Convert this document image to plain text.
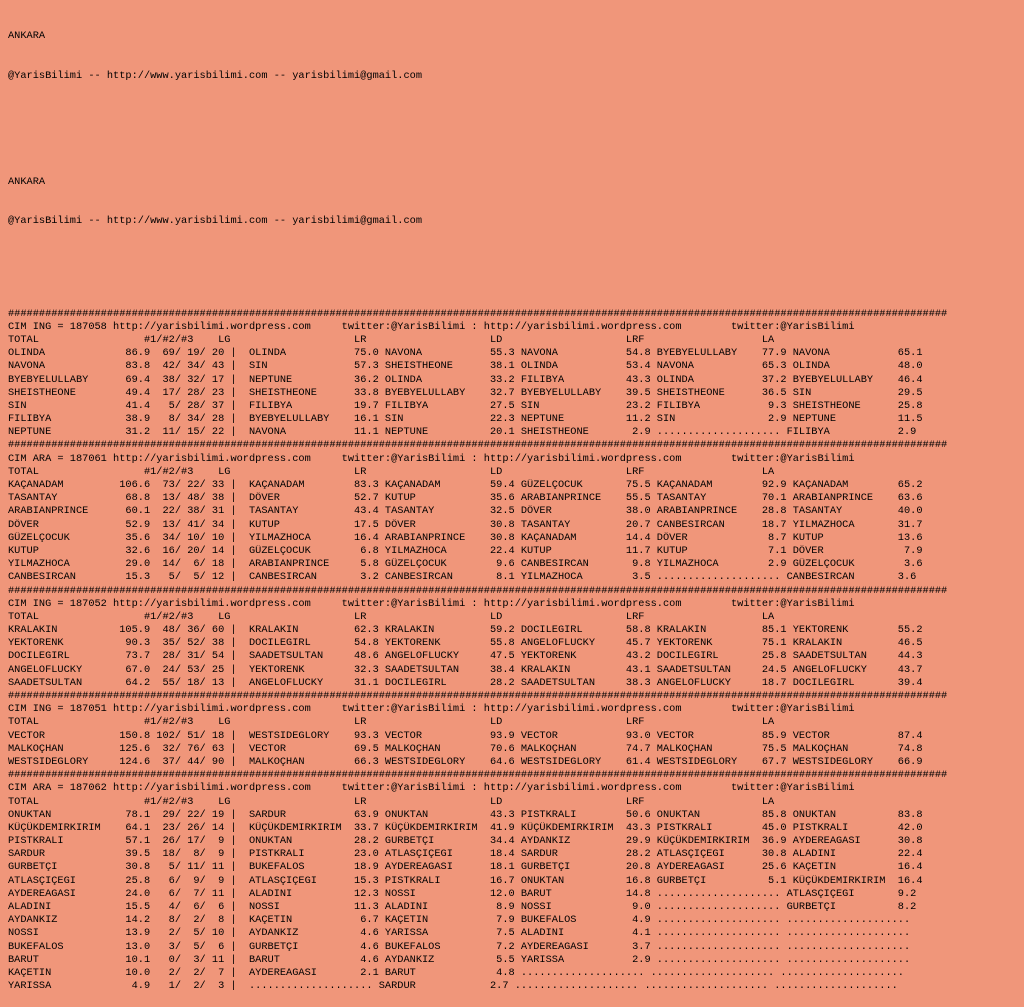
ANKARA

@YarisBilimi -- http://www.yarisbilimi.com -- yarisbilimi@gmail.com

ANKARA

@YarisBilimi -- http://www.yarisbilimi.com -- yarisbilimi@gmail.com

########################################################################################################################################################
CIM ING = 187058 http://yarisbilimi.wordpress.com     twitter:@YarisBilimi : http://yarisbilimi.wordpress.com        twitter:@YarisBilimi
TOTAL                 #1/#2/#3    LG                    LR                    LD                    LRF                   LA
OLINDA             86.9  69/ 19/ 20 |  OLINDA           75.0 NAVONA           55.3 NAVONA           54.8 BYEBYELULLABY    77.9 NAVONA           65.1
NAVONA             83.8  42/ 34/ 43 |  SIN              57.3 SHEISTHEONE      38.1 OLINDA           53.4 NAVONA           65.3 OLINDA           48.0
BYEBYELULLABY      69.4  38/ 32/ 17 |  NEPTUNE          36.2 OLINDA           33.2 FILIBYA          43.3 OLINDA           37.2 BYEBYELULLABY    46.4
SHEISTHEONE        49.4  17/ 28/ 23 |  SHEISTHEONE      33.8 BYEBYELULLABY    32.7 BYEBYELULLABY    39.5 SHEISTHEONE      36.5 SIN              29.5
SIN                41.4   5/ 28/ 37 |  FILIBYA          19.7 FILIBYA          27.5 SIN              23.2 FILIBYA           9.3 SHEISTHEONE      25.8
FILIBYA            38.9   8/ 34/ 28 |  BYEBYELULLABY    16.1 SIN              22.3 NEPTUNE          11.2 SIN               2.9 NEPTUNE          11.5
NEPTUNE            31.2  11/ 15/ 22 |  NAVONA           11.1 NEPTUNE          20.1 SHEISTHEONE       2.9 .................... FILIBYA           2.9
########################################################################################################################################################
CIM ARA = 187061 http://yarisbilimi.wordpress.com     twitter:@YarisBilimi : http://yarisbilimi.wordpress.com        twitter:@YarisBilimi
TOTAL                 #1/#2/#3    LG                    LR                    LD                    LRF                   LA
KAÇANADAM         106.6  73/ 22/ 33 |  KAÇANADAM        83.3 KAÇANADAM        59.4 GÜZELÇOCUK       75.5 KAÇANADAM        92.9 KAÇANADAM        65.2
TASANTAY           68.8  13/ 48/ 38 |  DÖVER            52.7 KUTUP            35.6 ARABIANPRINCE    55.5 TASANTAY         70.1 ARABIANPRINCE    63.6
ARABIANPRINCE      60.1  22/ 38/ 31 |  TASANTAY         43.4 TASANTAY         32.5 DÖVER            38.0 ARABIANPRINCE    28.8 TASANTAY         40.0
DÖVER              52.9  13/ 41/ 34 |  KUTUP            17.5 DÖVER            30.8 TASANTAY         20.7 CANBESIRCAN      18.7 YILMAZHOCA       31.7
GÜZELÇOCUK         35.6  34/ 10/ 10 |  YILMAZHOCA       16.4 ARABIANPRINCE    30.8 KAÇANADAM        14.4 DÖVER             8.7 KUTUP            13.6
KUTUP              32.6  16/ 20/ 14 |  GÜZELÇOCUK        6.8 YILMAZHOCA       22.4 KUTUP            11.7 KUTUP             7.1 DÖVER             7.9
YILMAZHOCA         29.0  14/  6/ 18 |  ARABIANPRINCE     5.8 GÜZELÇOCUK        9.6 CANBESIRCAN       9.8 YILMAZHOCA        2.9 GÜZELÇOCUK        3.6
CANBESIRCAN        15.3   5/  5/ 12 |  CANBESIRCAN       3.2 CANBESIRCAN       8.1 YILMAZHOCA        3.5 .................... CANBESIRCAN       3.6
########################################################################################################################################################
CIM ING = 187052 http://yarisbilimi.wordpress.com     twitter:@YarisBilimi : http://yarisbilimi.wordpress.com        twitter:@YarisBilimi
TOTAL                 #1/#2/#3    LG                    LR                    LD                    LRF                   LA
KRALAKIN          105.9  48/ 36/ 60 |  KRALAKIN         62.3 KRALAKIN         59.2 DOCILEGIRL       58.8 KRALAKIN         85.1 YEKTORENK        55.2
YEKTORENK          90.3  35/ 52/ 38 |  DOCILEGIRL       54.8 YEKTORENK        55.8 ANGELOFLUCKY     45.7 YEKTORENK        75.1 KRALAKIN         46.5
DOCILEGIRL         73.7  28/ 31/ 54 |  SAADETSULTAN     48.6 ANGELOFLUCKY     47.5 YEKTORENK        43.2 DOCILEGIRL       25.8 SAADETSULTAN     44.3
ANGELOFLUCKY       67.0  24/ 53/ 25 |  YEKTORENK        32.3 SAADETSULTAN     38.4 KRALAKIN         43.1 SAADETSULTAN     24.5 ANGELOFLUCKY     43.7
SAADETSULTAN       64.2  55/ 18/ 13 |  ANGELOFLUCKY     31.1 DOCILEGIRL       28.2 SAADETSULTAN     38.3 ANGELOFLUCKY     18.7 DOCILEGIRL       39.4
########################################################################################################################################################
CIM ING = 187051 http://yarisbilimi.wordpress.com     twitter:@YarisBilimi : http://yarisbilimi.wordpress.com        twitter:@YarisBilimi
TOTAL                 #1/#2/#3    LG                    LR                    LD                    LRF                   LA
VECTOR            150.8 102/ 51/ 18 |  WESTSIDEGLORY    93.3 VECTOR           93.9 VECTOR           93.0 VECTOR           85.9 VECTOR           87.4
MALKOÇHAN         125.6  32/ 76/ 63 |  VECTOR           69.5 MALKOÇHAN        70.6 MALKOÇHAN        74.7 MALKOÇHAN        75.5 MALKOÇHAN        74.8
WESTSIDEGLORY     124.6  37/ 44/ 90 |  MALKOÇHAN        66.3 WESTSIDEGLORY    64.6 WESTSIDEGLORY    61.4 WESTSIDEGLORY    67.7 WESTSIDEGLORY    66.9
########################################################################################################################################################
CIM ARA = 187062 http://yarisbilimi.wordpress.com     twitter:@YarisBilimi : http://yarisbilimi.wordpress.com        twitter:@YarisBilimi
TOTAL                 #1/#2/#3    LG                    LR                    LD                    LRF                   LA
ONUKTAN            78.1  29/ 22/ 19 |  SARDUR           63.9 ONUKTAN          43.3 PISTKRALI        50.6 ONUKTAN          85.8 ONUKTAN          83.8
KÜÇÜKDEMIRKIRIM    64.1  23/ 26/ 14 |  KÜÇÜKDEMIRKIRIM  33.7 KÜÇÜKDEMIRKIRIM  41.9 KÜÇÜKDEMIRKIRIM  43.3 PISTKRALI        45.0 PISTKRALI        42.0
PISTKRALI          57.1  26/ 17/  9 |  ONUKTAN          28.2 GURBETÇI         34.4 AYDANKIZ         29.9 KÜÇÜKDEMIRKIRIM  36.9 AYDEREAGASI      30.8
SARDUR             39.5  18/  8/  9 |  PISTKRALI        23.0 ATLASÇIÇEGI      18.4 SARDUR           28.2 ATLASÇIÇEGI      30.8 ALADINI          22.4
GURBETÇI           30.8   5/ 11/ 11 |  BUKEFALOS        18.9 AYDEREAGASI      18.1 GURBETÇI         20.8 AYDEREAGASI      25.6 KAÇETIN          16.4
ATLASÇIÇEGI        25.8   6/  9/  9 |  ATLASÇIÇEGI      15.3 PISTKRALI        16.7 ONUKTAN          16.8 GURBETÇI          5.1 KÜÇÜKDEMIRKIRIM  16.4
AYDEREAGASI        24.0   6/  7/ 11 |  ALADINI          12.3 NOSSI            12.0 BARUT            14.8 .................... ATLASÇIÇEGI       9.2
ALADINI            15.5   4/  6/  6 |  NOSSI            11.3 ALADINI           8.9 NOSSI             9.0 .................... GURBETÇI          8.2
AYDANKIZ           14.2   8/  2/  8 |  KAÇETIN           6.7 KAÇETIN           7.9 BUKEFALOS         4.9 .................... ....................
NOSSI              13.9   2/  5/ 10 |  AYDANKIZ          4.6 YARISSA           7.5 ALADINI           4.1 .................... ....................
BUKEFALOS          13.0   3/  5/  6 |  GURBETÇI          4.6 BUKEFALOS         7.2 AYDEREAGASI       3.7 .................... ....................
BARUT              10.1   0/  3/ 11 |  BARUT             4.6 AYDANKIZ          5.5 YARISSA           2.9 .................... ....................
KAÇETIN            10.0   2/  2/  7 |  AYDEREAGASI       2.1 BARUT             4.8 .................... .................... ....................
YARISSA             4.9   1/  2/  3 |  .................... SARDUR            2.7 .................... .................... ....................
